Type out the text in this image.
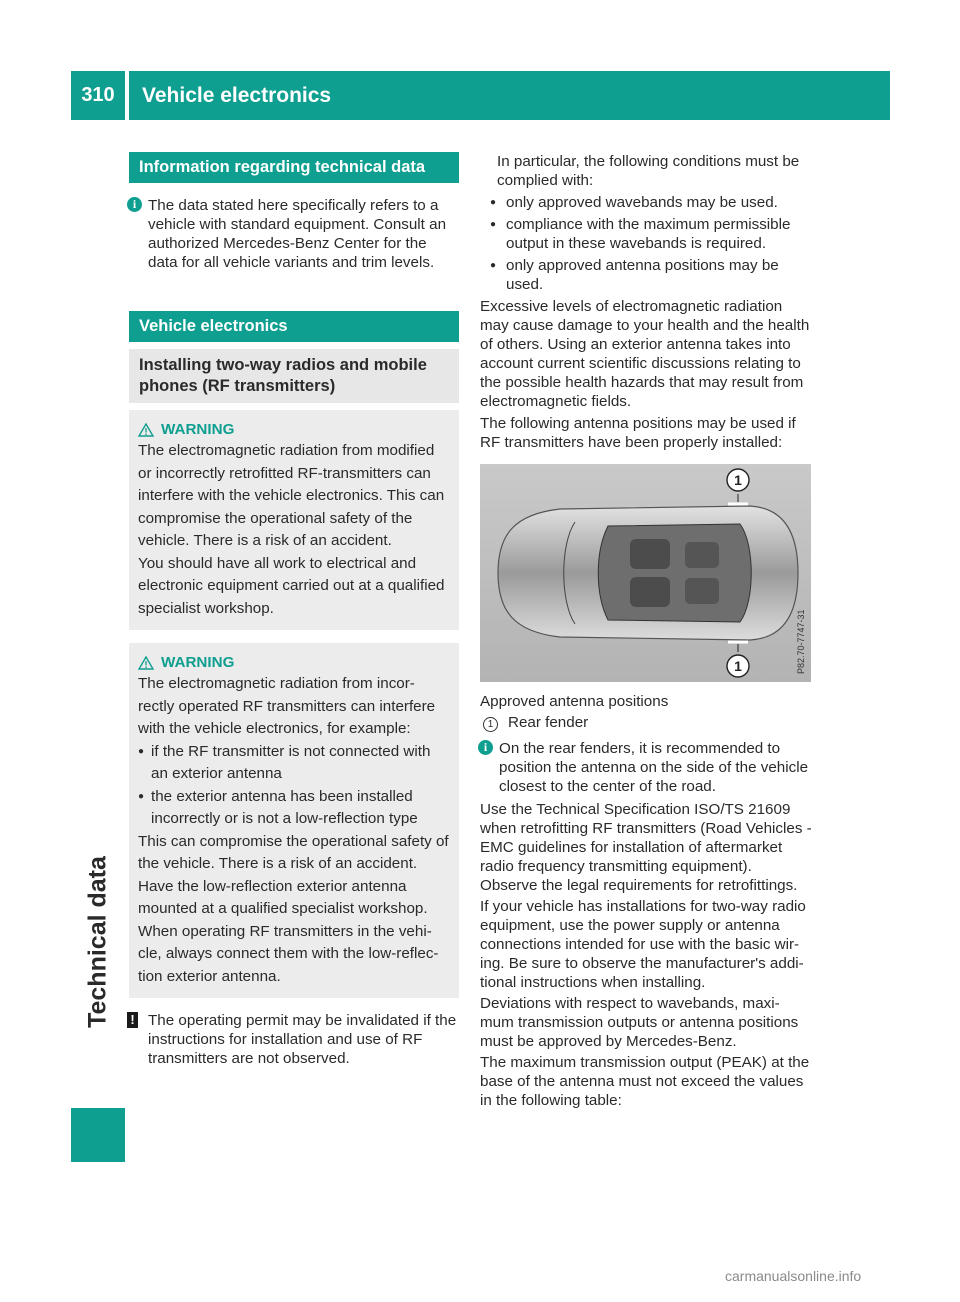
310	Vehicle electronics
Technical data
Information regarding technical data

i The data stated here specifically refers to a vehicle with standard equipment. Consult an authorized Mercedes-Benz Center for the data for all vehicle variants and trim levels.

Vehicle electronics
Installing two-way radios and mobile phones (RF transmitters)
WARNING

The electromagnetic radiation from modified or incorrectly retrofitted RF-transmitters can interfere with the vehicle electronics. This can compromise the operational safety of the vehicle. There is a risk of an accident.

You should have all work to electrical and electronic equipment carried out at a qualified specialist workshop.

WARNING

The electromagnetic radiation from incor-rectly operated RF transmitters can interfere with the vehicle electronics, for example:

● if the RF transmitter is not connected with an exterior antenna

● the exterior antenna has been installed incorrectly or is not a low-reflection type

This can compromise the operational safety of the vehicle. There is a risk of an accident.

Have the low-reflection exterior antenna mounted at a qualified specialist workshop. When operating RF transmitters in the vehi-cle, always connect them with the low-reflec-tion exterior antenna.

! The operating permit may be invalidated if the instructions for installation and use of RF transmitters are not observed.

In particular, the following conditions must be complied with:

● only approved wavebands may be used.

● compliance with the maximum permissible output in these wavebands is required.

● only approved antenna positions may be used.

Excessive levels of electromagnetic radiation may cause damage to your health and the health of others. Using an exterior antenna takes into account current scientific discussions relating to the possible health hazards that may result from electromagnetic fields.

The following antenna positions may be used if RF transmitters have been properly installed:

1
1	P82.70-7747-31

Approved antenna positions

1 Rear fender

i On the rear fenders, it is recommended to position the antenna on the side of the vehicle closest to the center of the road.

Use the Technical Specification ISO/TS 21609 when retrofitting RF transmitters (Road Vehicles - EMC guidelines for installation of aftermarket radio frequency transmitting equipment). Observe the legal requirements for retrofittings.

If your vehicle has installations for two-way radio equipment, use the power supply or antenna connections intended for use with the basic wir-ing. Be sure to observe the manufacturer's addi-tional instructions when installing.

Deviations with respect to wavebands, maxi-mum transmission outputs or antenna positions must be approved by Mercedes-Benz.

The maximum transmission output (PEAK) at the base of the antenna must not exceed the values in the following table:

carmanualsonline.info
